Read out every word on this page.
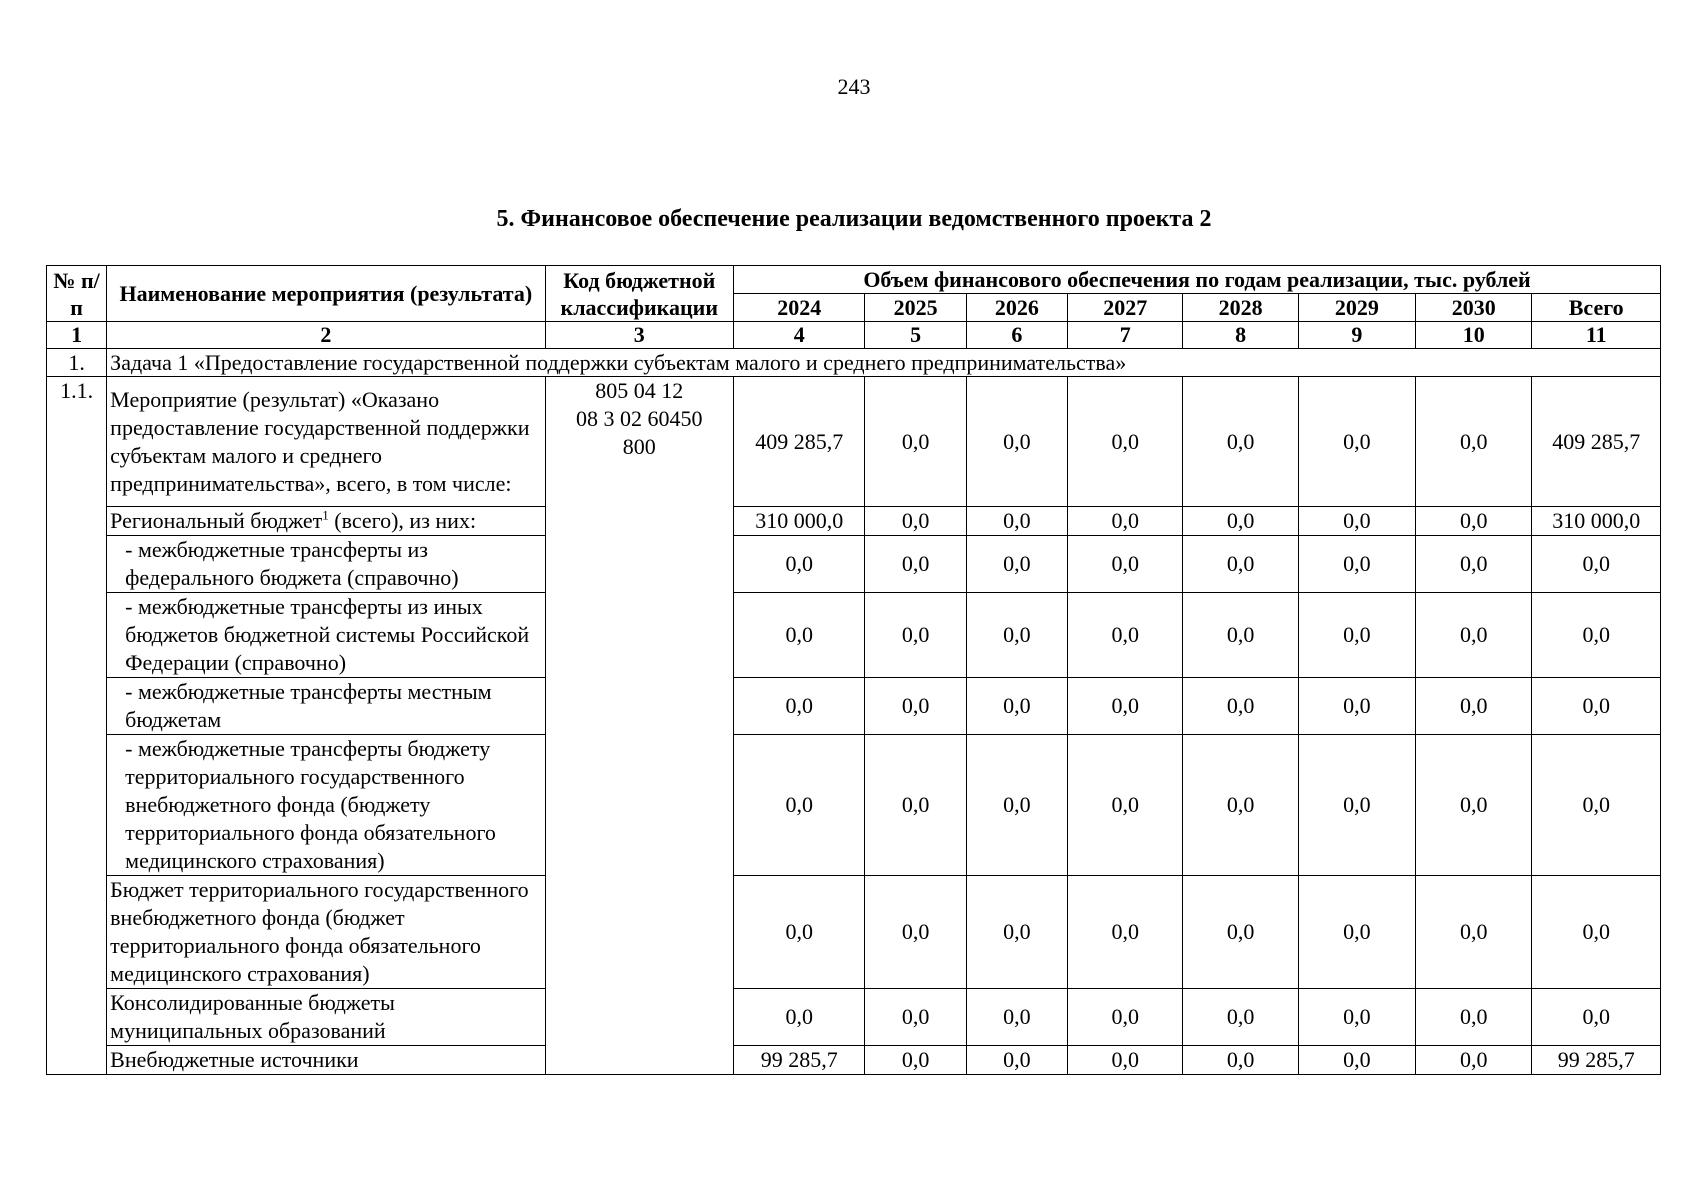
243
5. Финансовое обеспечение реализации ведомственного проекта 2
№ п/п	Наименование мероприятия (результата)	Код бюджетной классификации	Объем финансового обеспечения по годам реализации, тыс. рублей							
			2024	2025	2026	2027	2028	2029	2030	Всего
1	2	3	4	5	6	7	8	9	10	11
1.	Задача 1 «Предоставление государственной поддержки субъектам малого и среднего предпринимательства»									
1.1.	Мероприятие (результат) «Оказано предоставление государственной поддержки субъектам малого и среднего предпринимательства», всего, в том числе:	805 04 12
08 3 02 60450
800	409 285,7	0,0	0,0	0,0	0,0	0,0	0,0	409 285,7
	Региональный бюджет$^1$ (всего), из них:		310 000,0	0,0	0,0	0,0	0,0	0,0	0,0	310 000,0
	- межбюджетные трансферты из федерального бюджета (справочно)		0,0	0,0	0,0	0,0	0,0	0,0	0,0	0,0
	- межбюджетные трансферты из иных бюджетов бюджетной системы Российской Федерации (справочно)		0,0	0,0	0,0	0,0	0,0	0,0	0,0	0,0
	- межбюджетные трансферты местным бюджетам		0,0	0,0	0,0	0,0	0,0	0,0	0,0	0,0
	- межбюджетные трансферты бюджету территориального государственного внебюджетного фонда (бюджету территориального фонда обязательного медицинского страхования)		0,0	0,0	0,0	0,0	0,0	0,0	0,0	0,0
	Бюджет территориального государственного внебюджетного фонда (бюджет территориального фонда обязательного медицинского страхования)		0,0	0,0	0,0	0,0	0,0	0,0	0,0	0,0
	Консолидированные бюджеты муниципальных образований		0,0	0,0	0,0	0,0	0,0	0,0	0,0	0,0
	Внебюджетные источники		99 285,7	0,0	0,0	0,0	0,0	0,0	0,0	99 285,7
